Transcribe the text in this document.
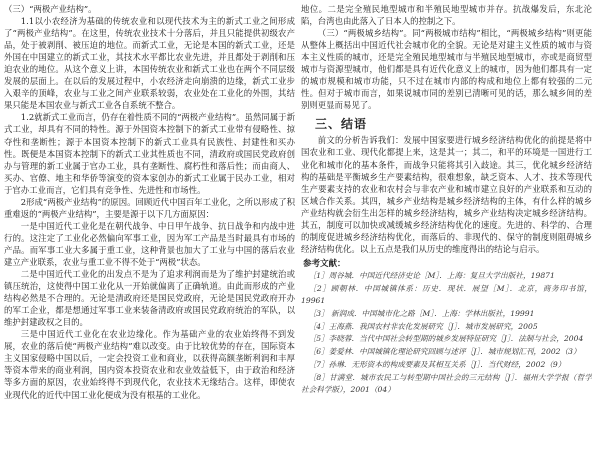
（三）“两极产业结构”。

1.1以小农经济为基础的传统农业和以现代技术为主的新式工业之间形成了“两极产业结构”。在这里，传统农业技术十分落后，并且只能提供初级农产品，处于被剥削、被压迫的地位。而新式工业，无论是本国的新式工业，还是外国在中国建立的新式工业，其技术水平都比农业先进，并且都处于剥削和压迫农业的地位。从这个意义上讲，本国传统农业和新式工业也在两个不同层级发展的层面上。在以后的发展过程中，小农经济走向崩溃的边缘，新式工业步入艰辛的顶峰，农业与工业之间产业联系较弱，农业处在工业化的外围，其结果只能是本国农业与新式工业各自系统不整合。

1.2就新式工业而言，仍存在着性质不同的“两极产业结构”。虽然同属于新式工业，却具有不同的特性。源于外国资本控制下的新式工业带有侵略性、掠夺性和垄断性；源于本国资本控制下的新式工业具有民族性、封建性和买办性。既便是本国资本控制下的新式工业其性质也不同，清政府或国民党政府创办与管理的新工业属于官办工业，具有垄断性、腐朽性和落后性；而由商人、买办、官僚、地主和华侨等演变的资本家创办的新式工业属于民办工业，相对于官办工业而言，它们具有竞争性、先进性和市场性。

2形成“两极产业结构”的原因。回顾近代中国百年工业化，之所以形成了积重难返的“两极产业结构”，主要是源于以下几方面原因：

一是中国近代工业化是在朝代战争、中日甲午战争、抗日战争和内战中进行的。这注定了工业化必然偏向军事工业，因为军工产品是当时最具有市场的产品。而军事工业大多属于重工业，这种背景也加大了工业与中国的落后农业建立产业联系，农业与重工业不得不处于“两极”状态。

二是中国近代工业化的出发点不是为了追求利润而是为了维护封建统治或镇压统治，这使得中国工业化从一开始就偏离了正确轨道。由此而形成的产业结构必然是不合理的。无论是清政府还是国民党政府，无论是国民党政府开办的军工企业，都是想通过军事工业来装备清政府或国民党政府统治的军队，以维护封建政权之目的。

三是中国近代工业化在农业边缘化。作为基础产业的农业始终得不到发展，农业的落后使“两极产业结构”难以改变。由于比较优势的存在，国际资本主义国家侵略中国以后，一定会投资工业和商业，以获得高额垄断利润和丰厚等资本带来的商业利润，国内资本投资农业和农业效益低下，由于政治和经济等多方面的原因，农业始终得不到现代化，农业技术无缘结合。这样，即使农业现代化的近代中国工业化便成为没有根基的工业化。

地位。二是完全殖民地型城市和半殖民地型城市并存。抗战爆发后，东北沦陷，台湾也由此落入了日本人的控制之下。

（三）“两极城乡结构”。同“两极城市结构”相比，“两极城乡结构”则更能从整体上概括出中国近代社会城市化的全貌。无论是对建主义性质的城市与资本主义性质的城市，还是完全殖民地型城市与半殖民地型城市，亦或是商贸型城市与资源型城市，他们都是具有近代化意义上的城市，因为他们都具有一定的城市规模和城市功能，只不过在城市内部的构成和地位上都有较强的二元性。但对于城市而言，如果说城市同的差别已清晰可见的话，那么城乡间的差别则更显而易见了。

三、结语

前文的分析告诉我们：发展中国家要进行城乡经济结构优化的前提是将中国农业和工业、现代化都提上来，这是其一；其二，和平的环境是一国进行工业化和城市化的基本条件，而战争只能将其引入歧途。其三，优化城乡经济结构的基础是平衡城乡生产要素结构，很难想象，缺乏资本、人才、技术等现代生产要素支持的农业和农村会与非农产业和城市建立良好的产业联系和互动的区域合作关系。其四，城乡产业结构是城乡经济结构的主体，有什么样的城乡产业结构就会衍生出怎样的城乡经济结构，城乡产业结构决定城乡经济结构。其五，制度可以加快或减缓城乡经济结构优化的速度。先进的、科学的、合理的制度促进城乡经济结构优化，而落后的、非现代的、保守的制度则阻碍城乡经济结构优化。以上五点是我们从历史的维度得出的结论与启示。

参考文献：

［1］周谷城．中国近代经济史论［M］．上海：复旦大学出版社，19871

［2］顾朝林．中国城镇体系：历史．现状．展望［M］．北京，商务印书馆，19961

［3］ 新润成．中国城市化之路［M］．上海：学林出版社，19991

［4］王海燕．我国农村非农化发展研究［J］．城市发展研究，2005

［5］李晓蓉．当代中国社会转型期的城乡发展特征研究［J］．法制与社会，2004

［6］姜爱林．中国城镇化理论研究回顾与述评［J］．城市规划汇刊，2002（3）

［7］孙琳．无形资本的构成要素及其相互关系［J］．当代财经，2002（9）

［8］甘满堂．城市农民工与转型期中国社会的三元结构［J］．福州大学学报（哲学社会科学版），2001（04）
